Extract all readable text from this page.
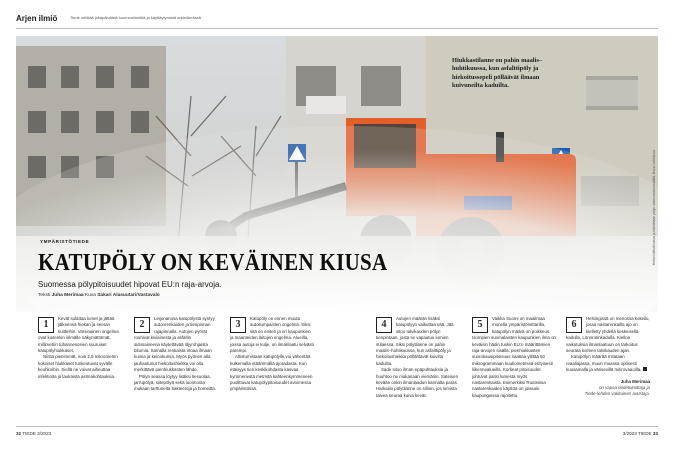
Arjen ilmiö	Tiede selittää jokapäiväisiä luonnonilmiöitä ja käyttäytymistä arkielämässä
Hiukkastilanne on pahin maalis–huhtikuussa, kun asfalttipöly ja hiekoitussepeli pölläävät ilmaan kuivuneilta kaduilta.
Helsinkiläistä katua puhdistetaan pölyn sidonnasta keväällä. Kuva: Lehtikuva
YMPÄRISTÖTIEDE
KATUPÖLY ON KEVÄINEN KIUSA
Suomessa pölypitoisuudet hipovat EU:n raja-arvoja.
Teksti Juha Merimaa Kuva Sakari Alasuutari/Vastavalo
1

Kevät sulattaa lumet ja jättää jälkeensä hiekan ja seeran kuitteihin. Varsinainen ongelma ovat kuitenkin silmälle näkymättömät, millimetrin tuhannesosien suuruiset katupölyhiukkaset.

Niistä pienimmät, noin 2,5 mikrometrin kokoiset hiukkaset tunkeutuvat syvälle keuhkoihin. Siellä ne voivat aiheuttaa infektioita ja laukaista astmakohtauksia.

2

Leijonanosa katupölystä syntyy autonrenkaiden ja tienpinnan rajapinnalla. Autojen pyörät rouhivat kiviainesta ja asfaltin sidosaineena käytettävää öljyrohjaista bitumia. Samalla renkaista irtoaa ilmaan kumia ja keinokumia. Myös pyörien alla jauhautunut hiekoitushiekka voi olla merkittävä pienhiukkasten lähde.

Pölyn seassa löytyy lisäksi tiesuolaa, jarrupölyä, siitepölyä sekä luonnosta mukaan tarttuneita bakteereja ja homeitta.

3

Katupöly on ennen muuta autoilumpaisten ongelma. Siksi sitä on eniten ja eri kaupunkien ja maanteiden laitojen ongelma. Alueilla, joissa autoja ei kulje, on ilmanlaatu selvästi parempi.

Altistumistaan katupölylle voi vähentää kulkemalla etäämmällä ajoradasta. Kun etäisyys tien keskikohdasta kasvaa kymmenestä metristä kahteenkymmeneen puolittuvat katupölypitoisuudet avoimessa ympäristössä.

4

Autojen määrän lisäksi katupölyyn vaikuttaa sää. Jää sitoo talvikauden pölyn tienpintaan, josta se vapautuu lumien sulaessa. Siksi pölytilanne on pahin maalis–huhtikuussa, kun asfalttipöly ja hiekoitushiekka pöllähtävät kuivilta kaduilta.

Sade sitoo ilman epäpuhtauksia ja huuhtoo ne mukanaan viemäriin. Sateisen kevään onkin ilmanlaadun kannalta paras. Harkaiiin pölytilanne on silloin, jos lumista talvea seuraa kuiva kevät.

5

Vaikka Suomi on maailmaa monella ympäristömittarilla, katupölyn määrä on poikkeus. Isompien suomalaisten kaupunkien ilma on keväisin hädin tuskin EU:n määrittämien raja-arvojen sisällä: pienhiukkasten vuorokausipitoisuus saattaa ylittää 50 mikrogrammaan kuutiometrissä erityisesti liikennealueilla. Korkeat pitoisuudet johtuvat paitsi lumesta myös nastarenkaista. Esimerkiksi Ruotsissa nastarenkaiden käyttöä on joissain kaupungeissa rajoitettu.

6

Helsingissä on menossa kokeilu, jossa nastarenkailla ajo on kielletty yhdellä keskeisellä kadulla, Lönnrotinkadulla. Kiellon vaikutuksia ilmanlaatuun on tarkoitus seurata kolmen talvikauden ajan.

Katupölyn määrää mitataan reaaliajassa, muun muassa optisesti kuusamalla ja värisevillä mikrovaaoilla.

Juha Merimaa
on vapaa tiedetoimittaja ja
Tiede-lehden vakituinen avustaja.
32 TIEDE 3/2023	3/2023 TIEDE 33
